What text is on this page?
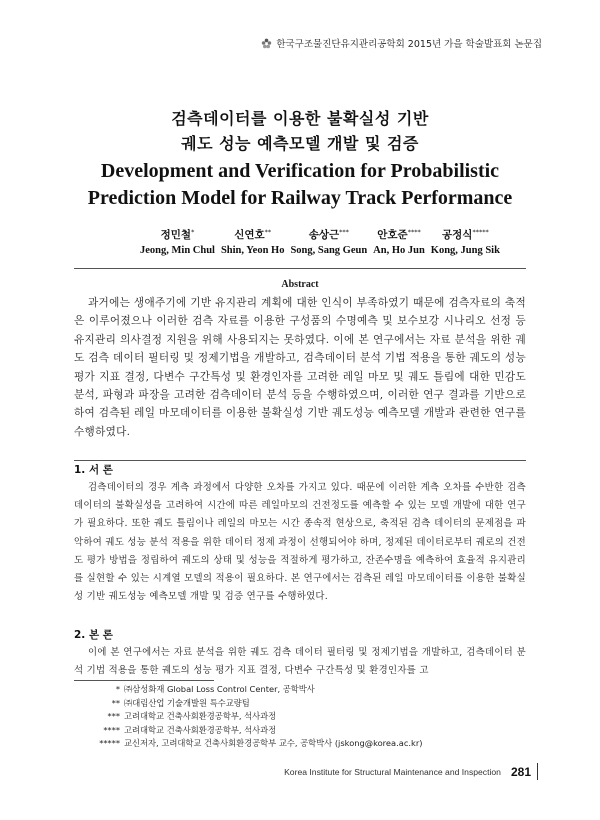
한국구조물진단유지관리공학회 2015년 가을 학술발표회 논문집
검측데이터를 이용한 불확실성 기반
궤도 성능 예측모델 개발 및 검증
Development and Verification for Probabilistic
Prediction Model for Railway Track Performance
정민철*
Jeong, Min Chul
신연호**
Shin, Yeon Ho
송상근***
Song, Sang Geun
안호준****
An, Ho Jun
공정식*****
Kong, Jung Sik
Abstract

과거에는 생애주기에 기반 유지관리 계획에 대한 인식이 부족하였기 때문에 검측자료의 축적은 이루어졌으나 이러한 검측 자료를 이용한 구성품의 수명예측 및 보수보강 시나리오 선정 등 유지관리 의사결정 지원을 위해 사용되지는 못하였다. 이에 본 연구에서는 자료 분석을 위한 궤도 검측 데이터 필터링 및 정제기법을 개발하고, 검측데이터 분석 기법 적용을 통한 궤도의 성능 평가 지표 결정, 다변수 구간특성 및 환경인자를 고려한 레일 마모 및 궤도 틀림에 대한 민감도 분석, 파형과 파장을 고려한 검측데이터 분석 등을 수행하였으며, 이러한 연구 결과를 기반으로 하여 검측된 레일 마모데이터를 이용한 불확실성 기반 궤도성능 예측모델 개발과 관련한 연구를 수행하였다.

1. 서 론

검측데이터의 경우 계측 과정에서 다양한 오차를 가지고 있다. 때문에 이러한 계측 오차를 수반한 검측데이터의 불확실성을 고려하여 시간에 따른 레일마모의 건전정도를 예측할 수 있는 모델 개발에 대한 연구가 필요하다. 또한 궤도 틀림이나 레일의 마모는 시간 종속적 현상으로, 축적된 검측 데이터의 문제점을 파악하여 궤도 성능 분석 적용을 위한 데이터 정제 과정이 선행되어야 하며, 정제된 데이터로부터 궤로의 건전도 평가 방법을 정립하여 궤도의 상태 및 성능을 적절하게 평가하고, 잔존수명을 예측하여 효율적 유지관리를 실현할 수 있는 시계열 모델의 적용이 필요하다. 본 연구에서는 검측된 레일 마모데이터를 이용한 불확실성 기반 궤도성능 예측모델 개발 및 검증 연구를 수행하였다.

2. 본 론

이에 본 연구에서는 자료 분석을 위한 궤도 검측 데이터 필터링 및 정제기법을 개발하고, 검측데이터 분석 기법 적용을 통한 궤도의 성능 평가 지표 결정, 다변수 구간특성 및 환경인자를 고

* ㈜삼성화재 Global Loss Control Center, 공학박사
** ㈜대림산업 기술개발원 특수교량팀
*** 고려대학교 건축사회환경공학부, 석사과정
**** 고려대학교 건축사회환경공학부, 석사과정
***** 교신저자, 고려대학교 건축사회환경공학부 교수, 공학박사 (jskong@korea.ac.kr)
Korea Institute for Structural Maintenance and Inspection 281
